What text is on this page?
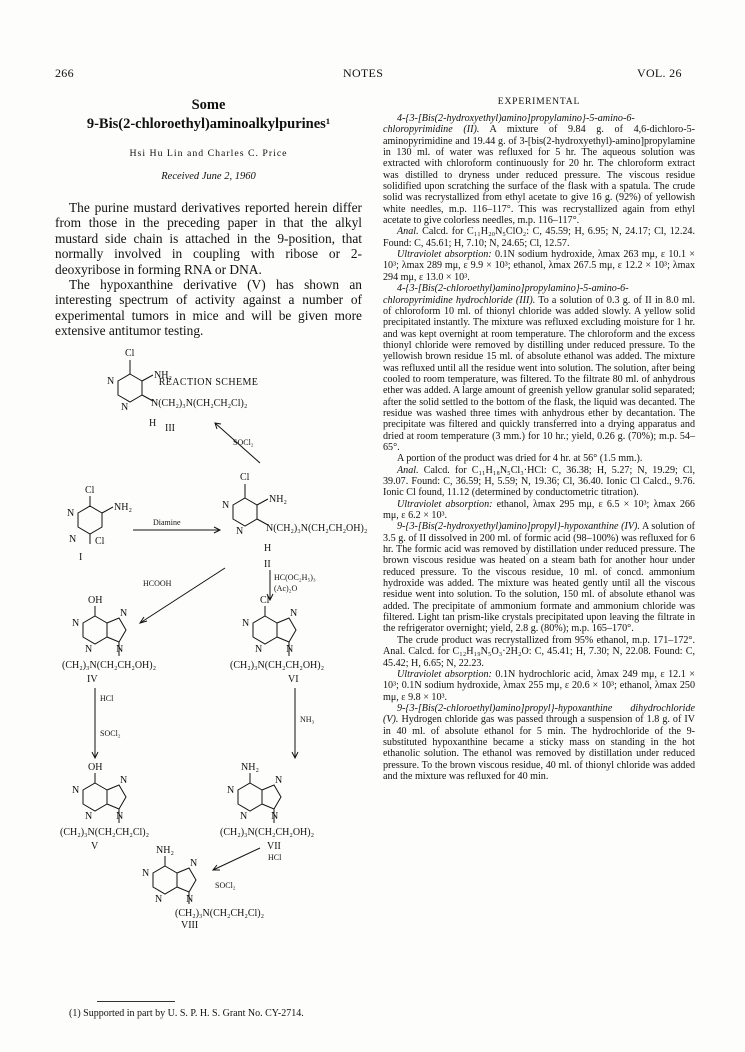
266	NOTES	VOL. 26

Some

9-Bis(2-chloroethyl)aminoalkylpurines¹

Hsi Hu Lin and Charles C. Price

Received June 2, 1960

The purine mustard derivatives reported herein differ from those in the preceding paper in that the alkyl mustard side chain is attached in the 9-position, that normally involved in coupling with ribose or 2-deoxyribose in forming RNA or DNA.

The hypoxanthine derivative (V) has shown an interesting spectrum of activity against a number of experimental tumors in mice and will be given more extensive antitumor testing.

REACTION SCHEME

Cl
NH₂
N
N N(CH₂)₃N(CH₂CH₂Cl)₂
H III
SOCl₂
Cl
NH₂
N
N N(CH₂)₃N(CH₂CH₂OH)₂
H
II
Cl
NH₂
N
N Cl
I
Diamine
HC(OC₂H₅)₃
(Ac)₂O
HCOOH
OH
N
N
N
N
(CH₂)₃N(CH₂CH₂OH)₂
IV
Cl
N
N
N
N
(CH₂)₃N(CH₂CH₂OH)₂
VI
HCl
SOCl₂
NH₃
OH
N
N
N
N
(CH₂)₃N(CH₂CH₂Cl)₂
V
NH₂
N
N
N
N
(CH₂)₃N(CH₂CH₂OH)₂
VII
HCl
SOCl₂
NH₂
N
N
N
N
(CH₂)₃N(CH₂CH₂Cl)₂
VIII

(1) Supported in part by U. S. P. H. S. Grant No. CY-2714.

EXPERIMENTAL

4-{3-[Bis(2-hydroxyethyl)amino]propylamino}-5-amino-6-chloropyrimidine (II). A mixture of 9.84 g. of 4,6-dichloro-5-aminopyrimidine and 19.44 g. of 3-[bis(2-hydroxyethyl)-amino]propylamine in 130 ml. of water was refluxed for 5 hr. The aqueous solution was extracted with chloroform continuously for 20 hr. The chloroform extract was distilled to dryness under reduced pressure. The viscous residue solidified upon scratching the surface of the flask with a spatula. The crude solid was recrystallized from ethyl acetate to give 16 g. (92%) of yellowish white needles, m.p. 116–117°. This was recrystallized again from ethyl acetate to give colorless needles, m.p. 116–117°.

Anal. Calcd. for C₁₁H₂₀N₅ClO₂: C, 45.59; H, 6.95; N, 24.17; Cl, 12.24. Found: C, 45.61; H, 7.10; N, 24.65; Cl, 12.57.

Ultraviolet absorption: 0.1N sodium hydroxide, λmax 263 mμ, ε 10.1 × 10³; λmax 289 mμ, ε 9.9 × 10³; ethanol, λmax 267.5 mμ, ε 12.2 × 10³; λmax 294 mμ, ε 13.0 × 10³.

4-{3-[Bis(2-chloroethyl)amino]propylamino}-5-amino-6-chloropyrimidine hydrochloride (III). To a solution of 0.3 g. of II in 8.0 ml. of chloroform 10 ml. of thionyl chloride was added slowly. A yellow solid precipitated instantly. The mixture was refluxed excluding moisture for 1 hr. and was kept overnight at room temperature. The chloroform and the excess thionyl chloride were removed by distilling under reduced pressure. To the yellowish brown residue 15 ml. of absolute ethanol was added. The mixture was refluxed until all the residue went into solution. The solution, after being cooled to room temperature, was filtered. To the filtrate 80 ml. of anhydrous ether was added. A large amount of greenish yellow granular solid separated; after the solid settled to the bottom of the flask, the liquid was decanted. The residue was washed three times with anhydrous ether by decantation. The precipitate was filtered and quickly transferred into a drying apparatus and dried at room temperature (3 mm.) for 10 hr.; yield, 0.26 g. (70%); m.p. 54–65°.

A portion of the product was dried for 4 hr. at 56° (1.5 mm.).

Anal. Calcd. for C₁₁H₁₈N₅Cl₃·HCl: C, 36.38; H, 5.27; N, 19.29; Cl, 39.07. Found: C, 36.59; H, 5.59; N, 19.36; Cl, 36.40. Ionic Cl Calcd., 9.76. Ionic Cl found, 11.12 (determined by conductometric titration).

Ultraviolet absorption: ethanol, λmax 295 mμ, ε 6.5 × 10³; λmax 266 mμ, ε 6.2 × 10³.

9-{3-[Bis(2-hydroxyethyl)amino]propyl}-hypoxanthine (IV). A solution of 3.5 g. of II dissolved in 200 ml. of formic acid (98–100%) was refluxed for 6 hr. The formic acid was removed by distillation under reduced pressure. The brown viscous residue was heated on a steam bath for another hour under reduced pressure. To the viscous residue, 10 ml. of concd. ammonium hydroxide was added. The mixture was heated gently until all the viscous residue went into solution. To the solution, 150 ml. of absolute ethanol was added. The precipitate of ammonium formate and ammonium chloride was filtered. Light tan prism-like crystals precipitated upon leaving the filtrate in the refrigerator overnight; yield, 2.8 g. (80%); m.p. 165–170°.

The crude product was recrystallized from 95% ethanol, m.p. 171–172°. Anal. Calcd. for C₁₂H₁₉N₅O₃·2H₂O: C, 45.41; H, 7.30; N, 22.08. Found: C, 45.42; H, 6.65; N, 22.23.

Ultraviolet absorption: 0.1N hydrochloric acid, λmax 249 mμ, ε 12.1 × 10³; 0.1N sodium hydroxide, λmax 255 mμ, ε 20.6 × 10³; ethanol, λmax 250 mμ, ε 9.8 × 10³.

9-{3-[Bis(2-chloroethyl)amino]propyl}-hypoxanthine dihydrochloride (V). Hydrogen chloride gas was passed through a suspension of 1.8 g. of IV in 40 ml. of absolute ethanol for 5 min. The hydrochloride of the 9-substituted hypoxanthine became a sticky mass on standing in the hot ethanolic solution. The ethanol was removed by distillation under reduced pressure. To the brown viscous residue, 40 ml. of thionyl chloride was added and the mixture was refluxed for 40 min.
